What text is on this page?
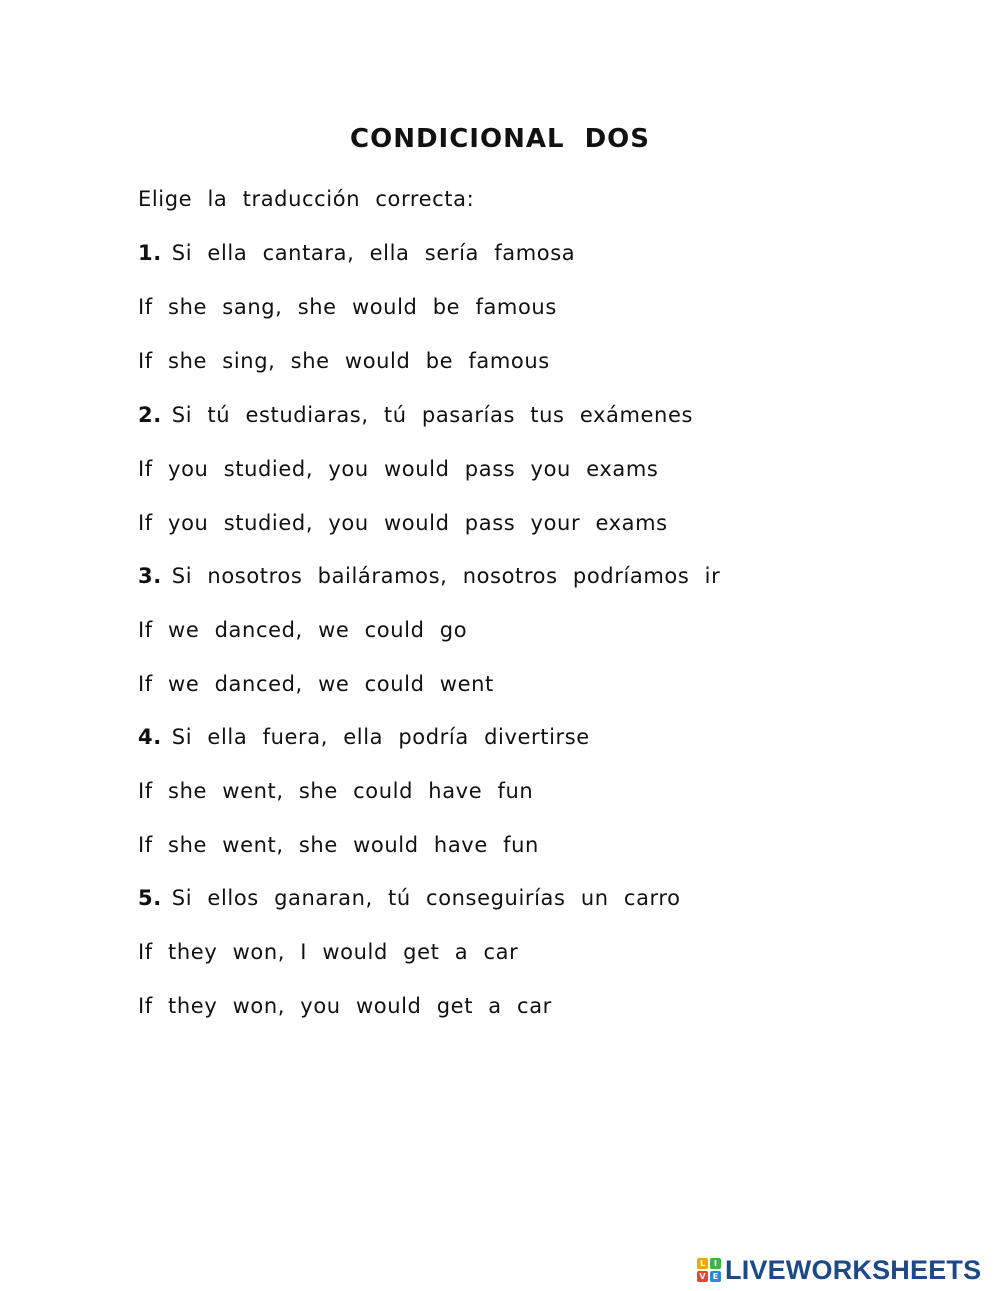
CONDICIONAL DOS

Elige la traducción correcta:

1. Si ella cantara, ella sería famosa

If she sang, she would be famous

If she sing, she would be famous

2. Si tú estudiaras, tú pasarías tus exámenes

If you studied, you would pass you exams

If you studied, you would pass your exams

3. Si nosotros bailáramos, nosotros podríamos ir

If we danced, we could go

If we danced, we could went

4. Si ella fuera, ella podría divertirse

If she went, she could have fun

If she went, she would have fun

5. Si ellos ganaran, tú conseguirías un carro

If they won, I would get a car

If they won, you would get a car

L	I
V E LIVEWORKSHEETS
